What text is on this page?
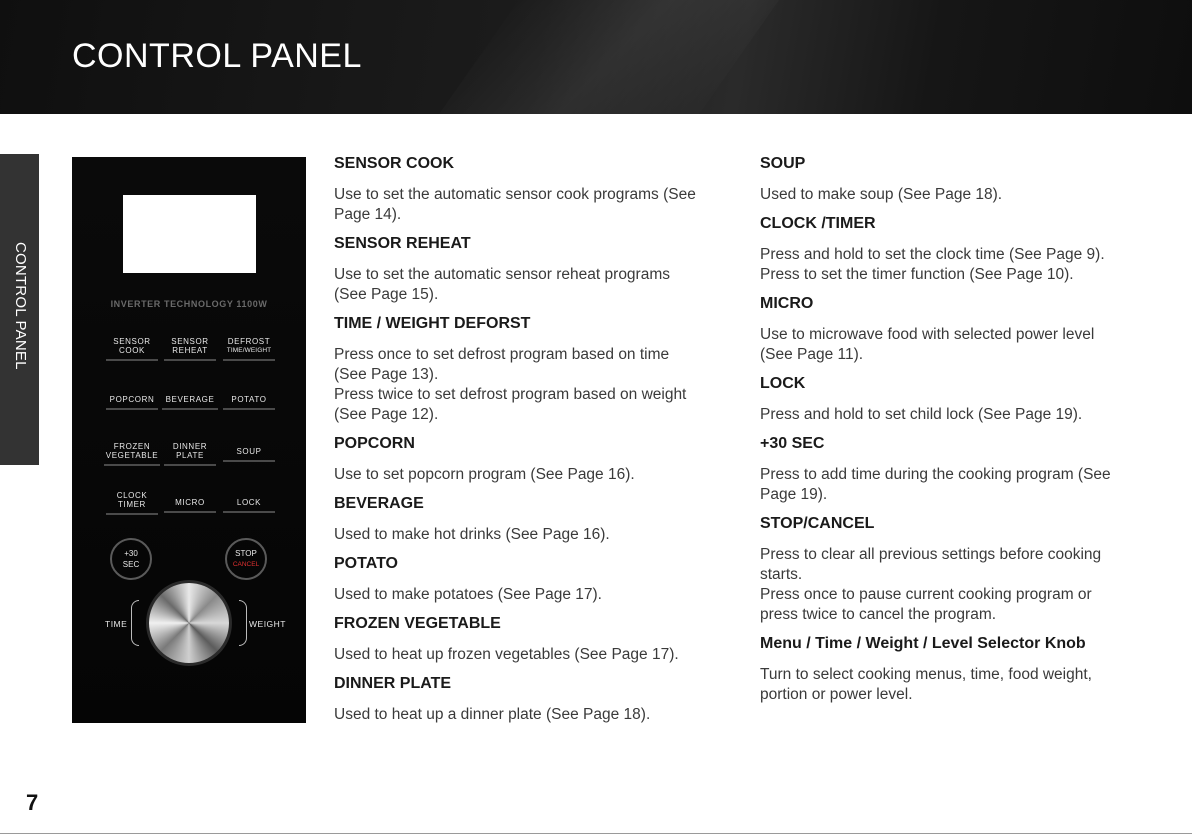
CONTROL PANEL
CONTROL PANEL	INVERTER TECHNOLOGY 1100W
SENSOR
COOK
SENSOR
REHEAT
DEFROST
TIME/WEIGHT
POPCORN	BEVERAGE	POTATO
FROZEN
VEGETABLE
DINNER
PLATE	SOUP
CLOCK
TIMER	MICRO	LOCK
+30
SEC
STOP
CANCEL
TIME	WEIGHT
SENSOR COOK
Use to set the automatic sensor cook programs (See
Page 14).
SENSOR REHEAT
Use to set the automatic sensor reheat programs
(See Page 15).
TIME / WEIGHT DEFORST
Press once to set defrost program based on time
(See Page 13).
Press twice to set defrost program based on weight
(See Page 12).
POPCORN
Use to set popcorn program (See Page 16).
BEVERAGE
Used to make hot drinks (See Page 16).
POTATO
Used to make potatoes (See Page 17).
FROZEN VEGETABLE
Used to heat up frozen vegetables (See Page 17).
DINNER PLATE
Used to heat up a dinner plate (See Page 18).
SOUP
Used to make soup (See Page 18).
CLOCK /TIMER
Press and hold to set the clock time (See Page 9).
Press to set the timer function (See Page 10).
MICRO
Use to microwave food with selected power level
(See Page 11).
LOCK
Press and hold to set child lock (See Page 19).
+30 SEC
Press to add time during the cooking program (See
Page 19).
STOP/CANCEL
Press to clear all previous settings before cooking
starts.
Press once to pause current cooking program or
press twice to cancel the program.
Menu / Time / Weight / Level Selector Knob
Turn to select cooking menus, time, food weight,
portion or power level.
7
